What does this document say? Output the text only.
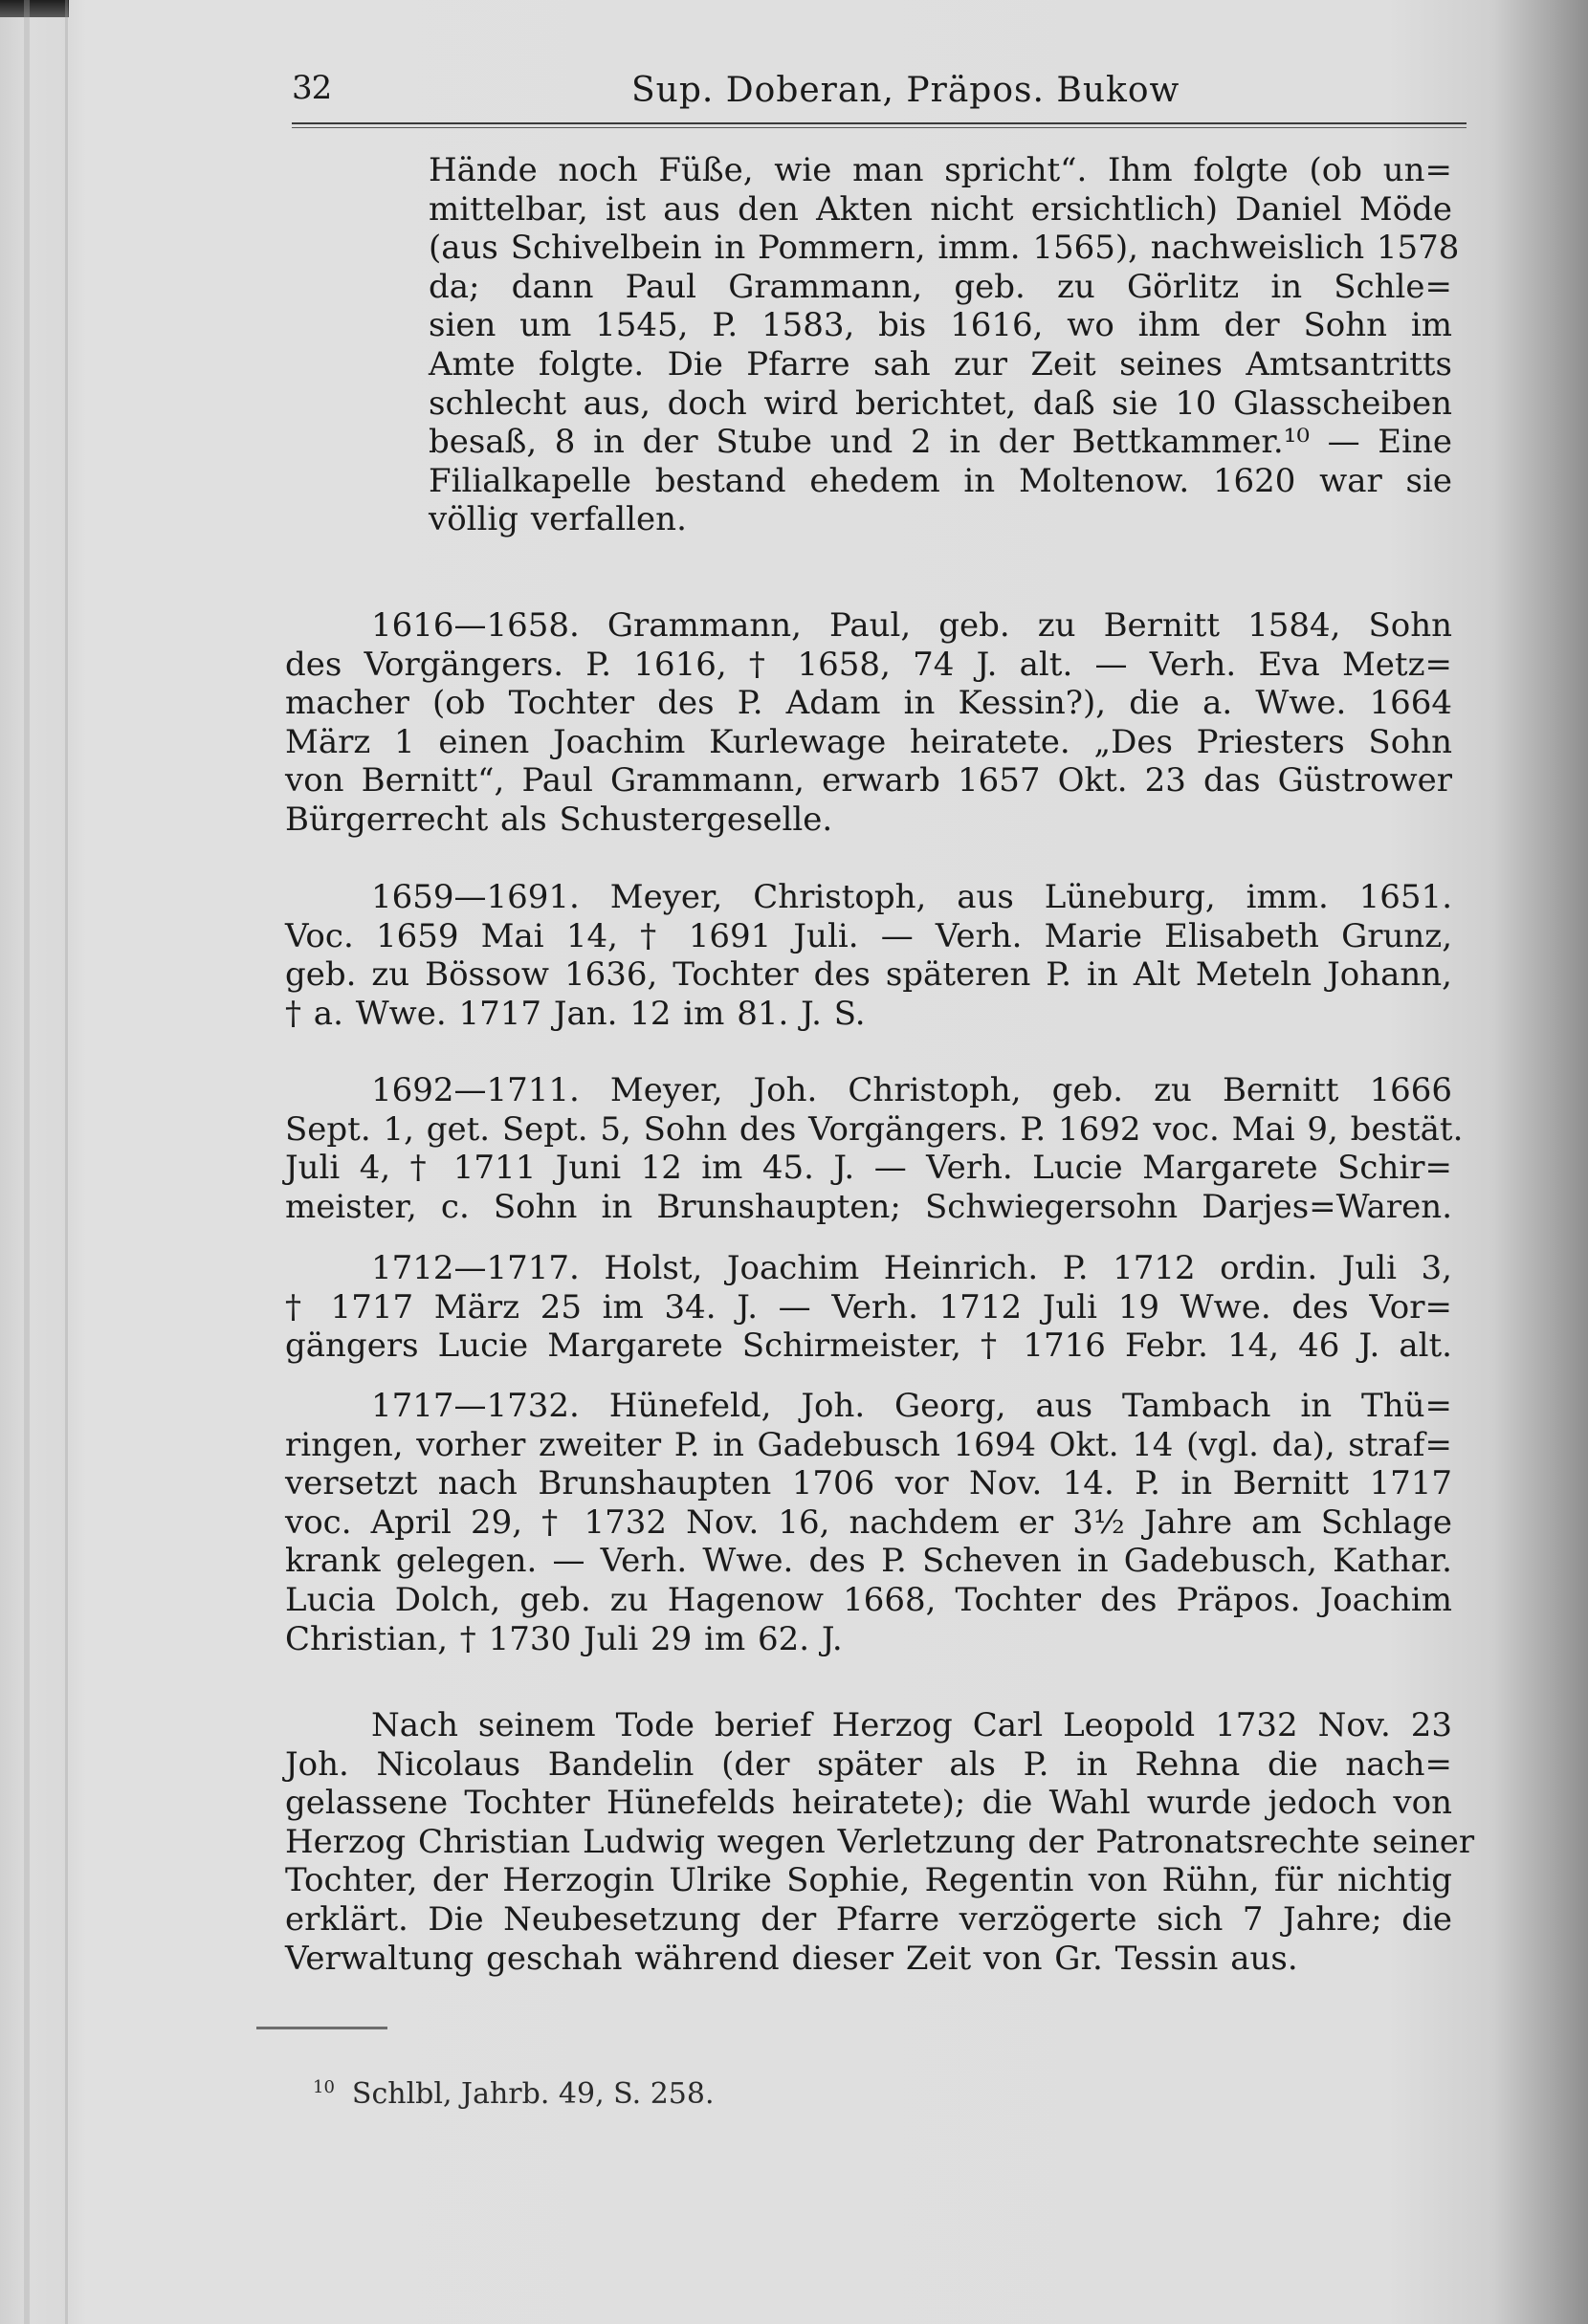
32	Sup. Doberan, Präpos. Bukow
Hände noch Füße, wie man spricht“. Ihm folgte (ob un=
mittelbar, ist aus den Akten nicht ersichtlich) Daniel Möde
(aus Schivelbein in Pommern, imm. 1565), nachweislich 1578
da; dann Paul Grammann, geb. zu Görlitz in Schle=
sien um 1545, P. 1583, bis 1616, wo ihm der Sohn im
Amte folgte. Die Pfarre sah zur Zeit seines Amtsantritts
schlecht aus, doch wird berichtet, daß sie 10 Glasscheiben
besaß, 8 in der Stube und 2 in der Bettkammer.¹⁰ — Eine
Filialkapelle bestand ehedem in Moltenow. 1620 war sie
völlig verfallen.
1616—1658. Grammann, Paul, geb. zu Bernitt 1584, Sohn
des Vorgängers. P. 1616, † 1658, 74 J. alt. — Verh. Eva Metz=
macher (ob Tochter des P. Adam in Kessin?), die a. Wwe. 1664
März 1 einen Joachim Kurlewage heiratete. „Des Priesters Sohn
von Bernitt“, Paul Grammann, erwarb 1657 Okt. 23 das Güstrower
Bürgerrecht als Schustergeselle.
1659—1691. Meyer, Christoph, aus Lüneburg, imm. 1651.
Voc. 1659 Mai 14, † 1691 Juli. — Verh. Marie Elisabeth Grunz,
geb. zu Bössow 1636, Tochter des späteren P. in Alt Meteln Johann,
† a. Wwe. 1717 Jan. 12 im 81. J. S.
1692—1711. Meyer, Joh. Christoph, geb. zu Bernitt 1666
Sept. 1, get. Sept. 5, Sohn des Vorgängers. P. 1692 voc. Mai 9, bestät.
Juli 4, † 1711 Juni 12 im 45. J. — Verh. Lucie Margarete Schir=
meister, c. Sohn in Brunshaupten; Schwiegersohn Darjes=Waren.
1712—1717. Holst, Joachim Heinrich. P. 1712 ordin. Juli 3,
† 1717 März 25 im 34. J. — Verh. 1712 Juli 19 Wwe. des Vor=
gängers Lucie Margarete Schirmeister, † 1716 Febr. 14, 46 J. alt.
1717—1732. Hünefeld, Joh. Georg, aus Tambach in Thü=
ringen, vorher zweiter P. in Gadebusch 1694 Okt. 14 (vgl. da), straf=
versetzt nach Brunshaupten 1706 vor Nov. 14. P. in Bernitt 1717
voc. April 29, † 1732 Nov. 16, nachdem er 3½ Jahre am Schlage
krank gelegen. — Verh. Wwe. des P. Scheven in Gadebusch, Kathar.
Lucia Dolch, geb. zu Hagenow 1668, Tochter des Präpos. Joachim
Christian, † 1730 Juli 29 im 62. J.
Nach seinem Tode berief Herzog Carl Leopold 1732 Nov. 23
Joh. Nicolaus Bandelin (der später als P. in Rehna die nach=
gelassene Tochter Hünefelds heiratete); die Wahl wurde jedoch von
Herzog Christian Ludwig wegen Verletzung der Patronatsrechte seiner
Tochter, der Herzogin Ulrike Sophie, Regentin von Rühn, für nichtig
erklärt. Die Neubesetzung der Pfarre verzögerte sich 7 Jahre; die
Verwaltung geschah während dieser Zeit von Gr. Tessin aus.
$^{10}$ Schlbl, Jahrb. 49, S. 258.
